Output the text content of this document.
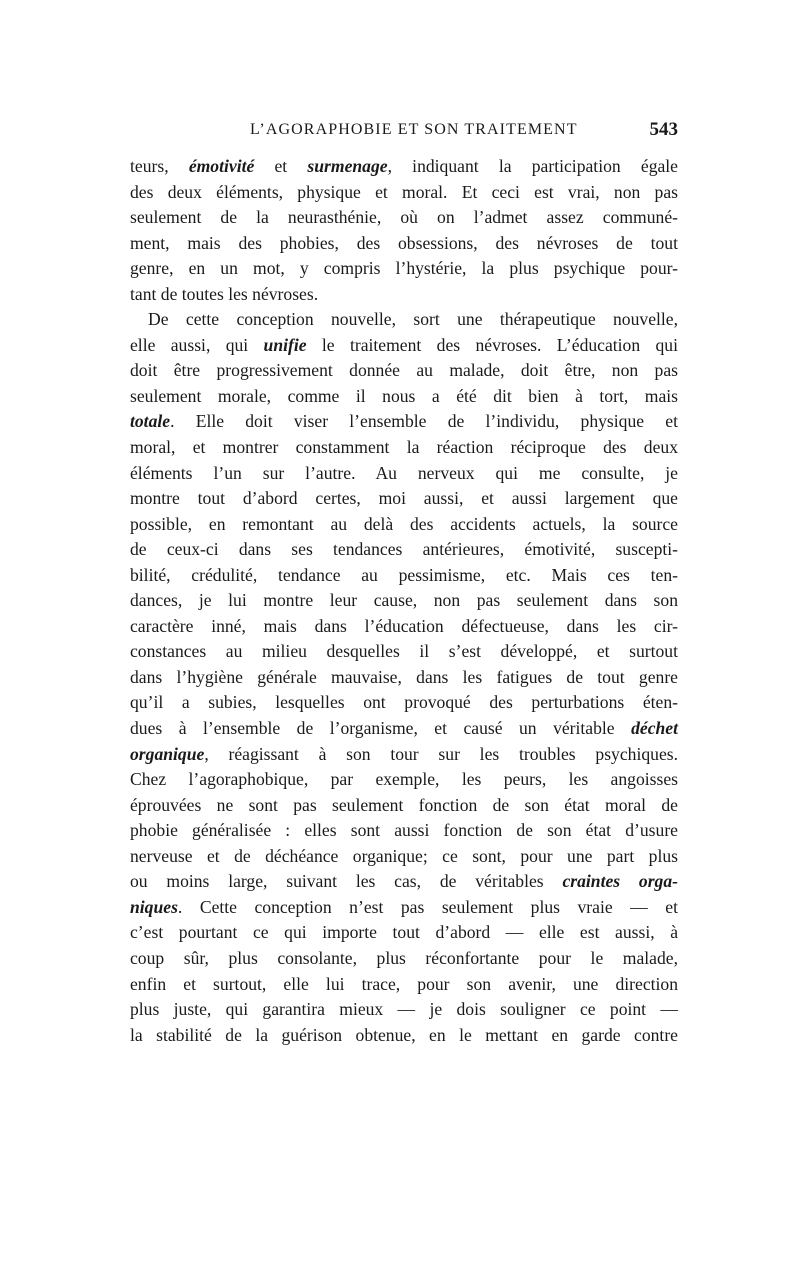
L’AGORAPHOBIE ET SON TRAITEMENT	543
teurs, émotivité et surmenage, indiquant la participation égale
des deux éléments, physique et moral. Et ceci est vrai, non pas
seulement de la neurasthénie, où on l’admet assez communé-
ment, mais des phobies, des obsessions, des névroses de tout
genre, en un mot, y compris l’hystérie, la plus psychique pour-
tant de toutes les névroses.
De cette conception nouvelle, sort une thérapeutique nouvelle,
elle aussi, qui unifie le traitement des névroses. L’éducation qui
doit être progressivement donnée au malade, doit être, non pas
seulement morale, comme il nous a été dit bien à tort, mais
totale. Elle doit viser l’ensemble de l’individu, physique et
moral, et montrer constamment la réaction réciproque des deux
éléments l’un sur l’autre. Au nerveux qui me consulte, je
montre tout d’abord certes, moi aussi, et aussi largement que
possible, en remontant au delà des accidents actuels, la source
de ceux-ci dans ses tendances antérieures, émotivité, suscepti-
bilité, crédulité, tendance au pessimisme, etc. Mais ces ten-
dances, je lui montre leur cause, non pas seulement dans son
caractère inné, mais dans l’éducation défectueuse, dans les cir-
constances au milieu desquelles il s’est développé, et surtout
dans l’hygiène générale mauvaise, dans les fatigues de tout genre
qu’il a subies, lesquelles ont provoqué des perturbations éten-
dues à l’ensemble de l’organisme, et causé un véritable déchet
organique, réagissant à son tour sur les troubles psychiques.
Chez l’agoraphobique, par exemple, les peurs, les angoisses
éprouvées ne sont pas seulement fonction de son état moral de
phobie généralisée : elles sont aussi fonction de son état d’usure
nerveuse et de déchéance organique; ce sont, pour une part plus
ou moins large, suivant les cas, de véritables craintes orga-
niques. Cette conception n’est pas seulement plus vraie — et
c’est pourtant ce qui importe tout d’abord — elle est aussi, à
coup sûr, plus consolante, plus réconfortante pour le malade,
enfin et surtout, elle lui trace, pour son avenir, une direction
plus juste, qui garantira mieux — je dois souligner ce point —
la stabilité de la guérison obtenue, en le mettant en garde contre
